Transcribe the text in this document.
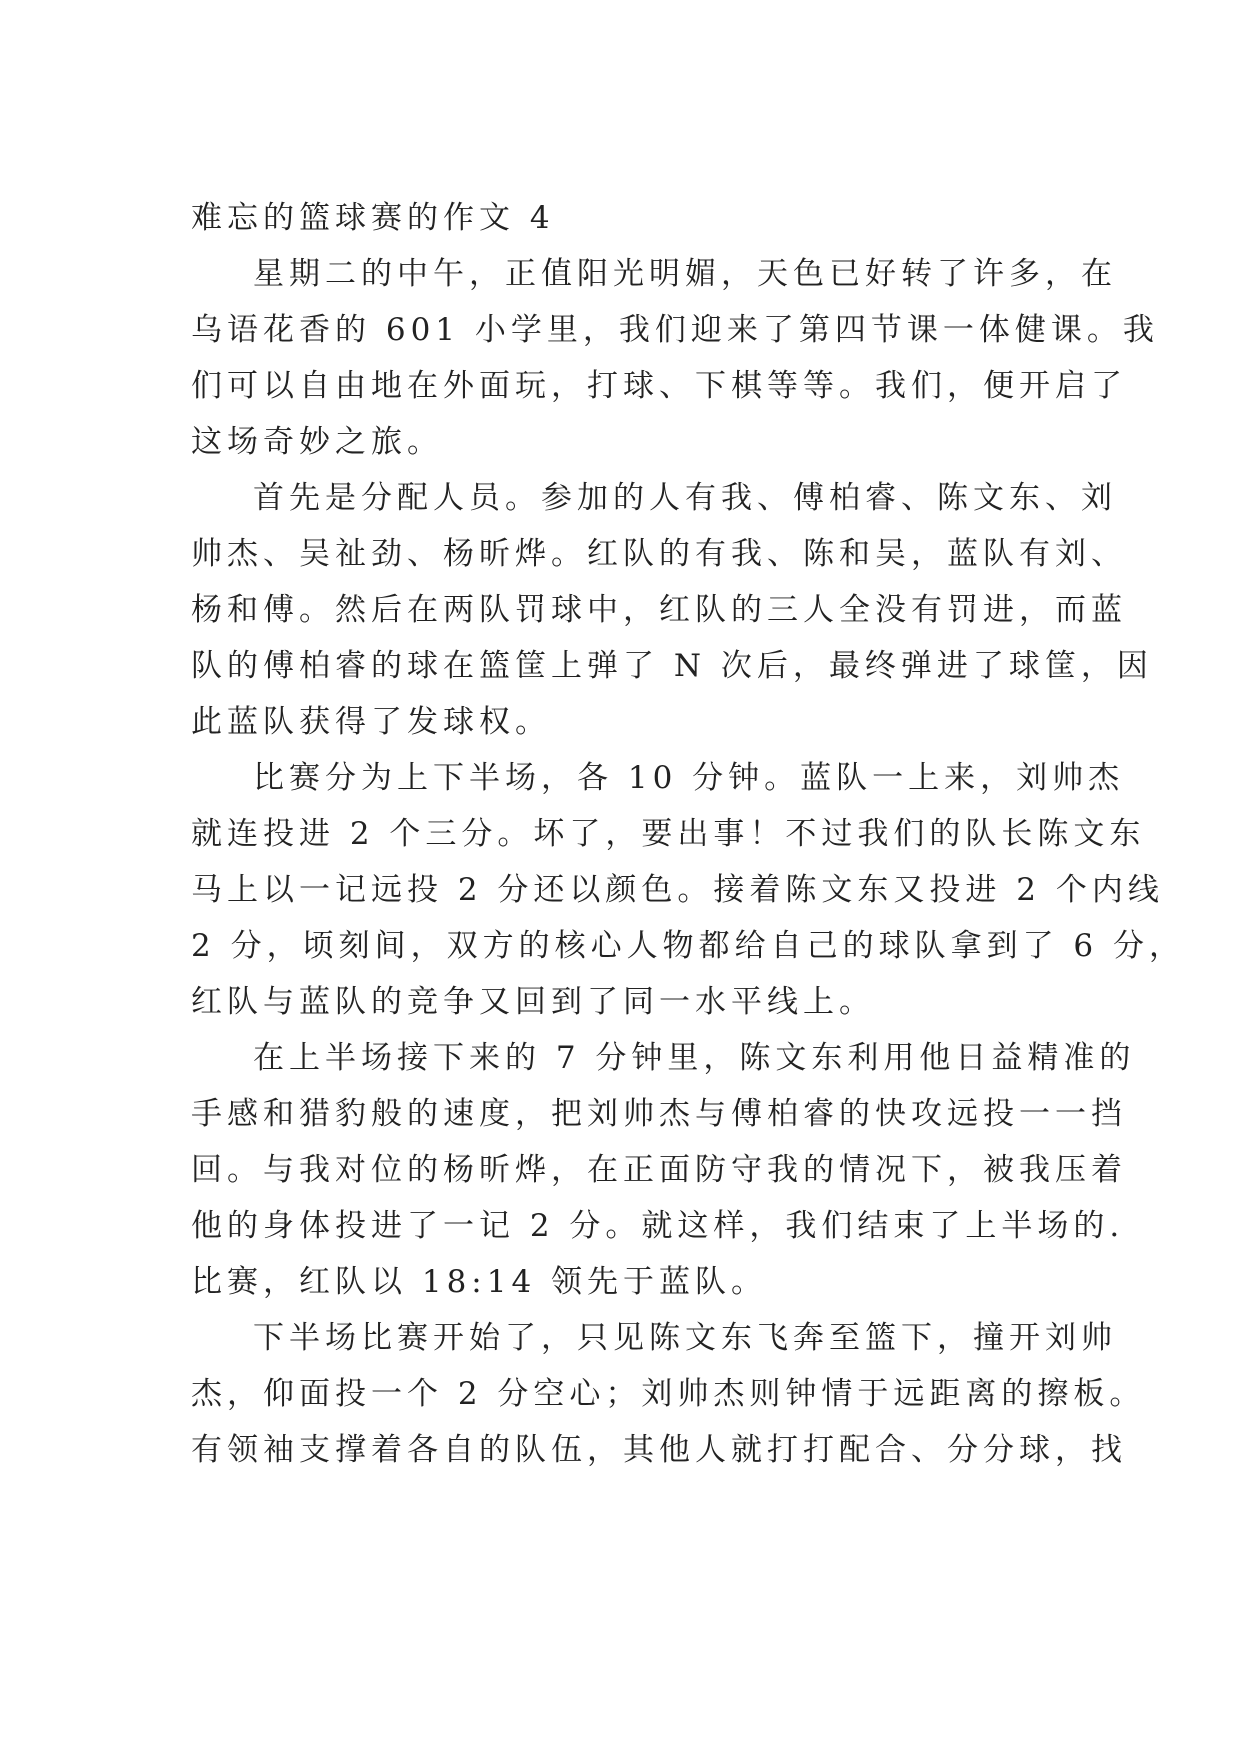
难忘的篮球赛的作文 4
星期二的中午，正值阳光明媚，天色已好转了许多，在
乌语花香的 601 小学里，我们迎来了第四节课一体健课。我
们可以自由地在外面玩，打球、下棋等等。我们，便开启了
这场奇妙之旅。
首先是分配人员。参加的人有我、傅柏睿、陈文东、刘
帅杰、吴祉劲、杨昕烨。红队的有我、陈和吴，蓝队有刘、
杨和傅。然后在两队罚球中，红队的三人全没有罚进，而蓝
队的傅柏睿的球在篮筐上弹了 N 次后，最终弹进了球筐，因
此蓝队获得了发球权。
比赛分为上下半场，各 10 分钟。蓝队一上来，刘帅杰
就连投进 2 个三分。坏了，要出事！不过我们的队长陈文东
马上以一记远投 2 分还以颜色。接着陈文东又投进 2 个内线
2 分，顷刻间，双方的核心人物都给自己的球队拿到了 6 分，
红队与蓝队的竞争又回到了同一水平线上。
在上半场接下来的 7 分钟里，陈文东利用他日益精准的
手感和猎豹般的速度，把刘帅杰与傅柏睿的快攻远投一一挡
回。与我对位的杨昕烨，在正面防守我的情况下，被我压着
他的身体投进了一记 2 分。就这样，我们结束了上半场的.
比赛，红队以 18:14 领先于蓝队。
下半场比赛开始了，只见陈文东飞奔至篮下，撞开刘帅
杰，仰面投一个 2 分空心；刘帅杰则钟情于远距离的擦板。
有领袖支撑着各自的队伍，其他人就打打配合、分分球，找
